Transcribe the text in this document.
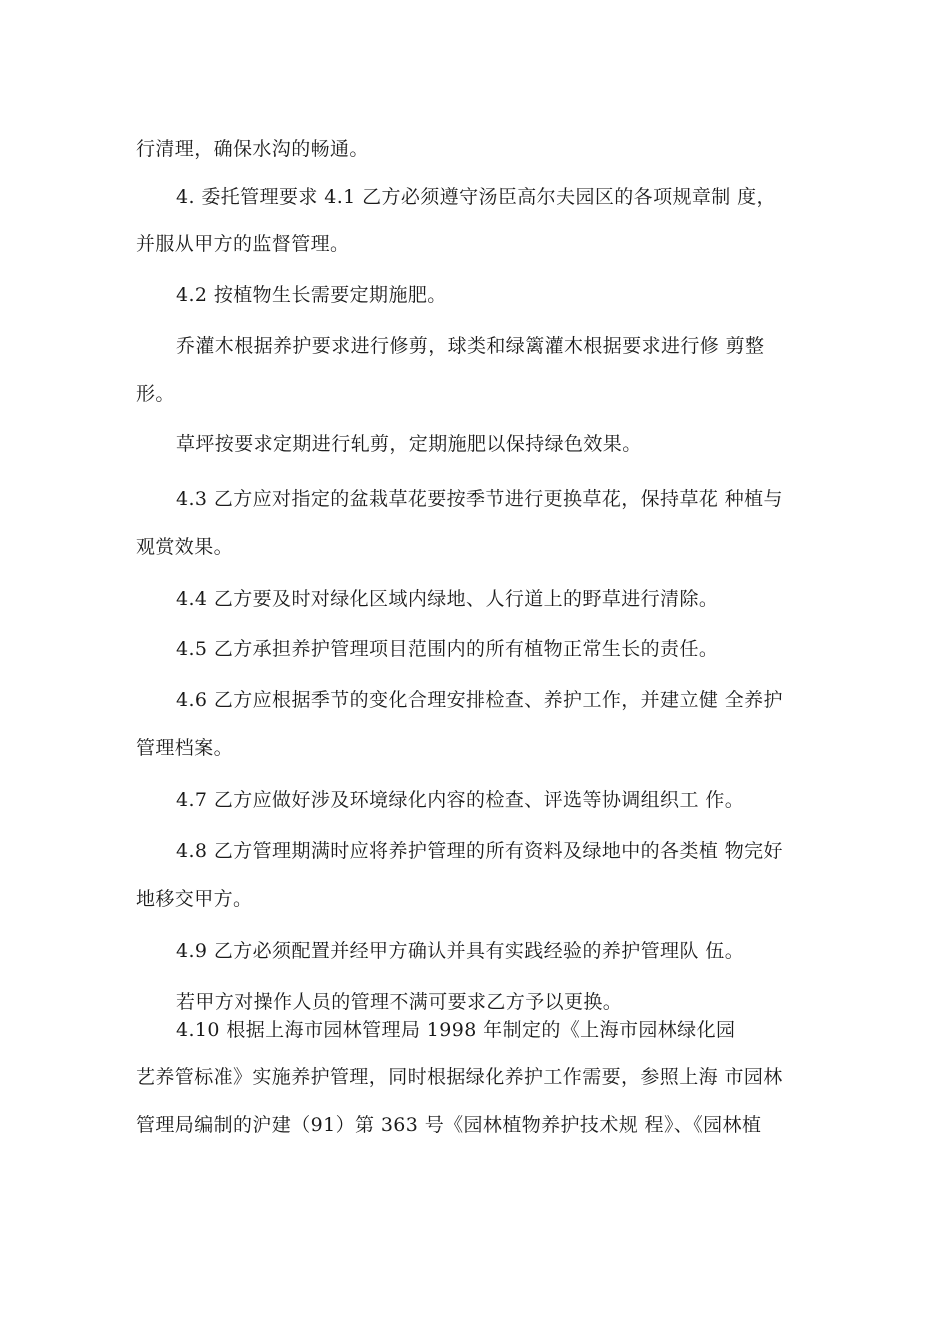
行清理，确保水沟的畅通。
4. 委托管理要求 4.1 乙方必须遵守汤臣高尔夫园区的各项规章制 度，
并服从甲方的监督管理。
4.2 按植物生长需要定期施肥。
乔灌木根据养护要求进行修剪，球类和绿篱灌木根据要求进行修 剪整
形。
草坪按要求定期进行轧剪，定期施肥以保持绿色效果。
4.3 乙方应对指定的盆栽草花要按季节进行更换草花，保持草花 种植与
观赏效果。
4.4 乙方要及时对绿化区域内绿地、人行道上的野草进行清除。
4.5 乙方承担养护管理项目范围内的所有植物正常生长的责任。
4.6 乙方应根据季节的变化合理安排检查、养护工作，并建立健 全养护
管理档案。
4.7 乙方应做好涉及环境绿化内容的检查、评选等协调组织工 作。
4.8 乙方管理期满时应将养护管理的所有资料及绿地中的各类植 物完好
地移交甲方。
4.9 乙方必须配置并经甲方确认并具有实践经验的养护管理队 伍。
若甲方对操作人员的管理不满可要求乙方予以更换。
4.10 根据上海市园林管理局 1998 年制定的《上海市园林绿化园
艺养管标准》实施养护管理，同时根据绿化养护工作需要，参照上海 市园林
管理局编制的沪建（91）第 363 号《园林植物养护技术规 程》、《园林植
